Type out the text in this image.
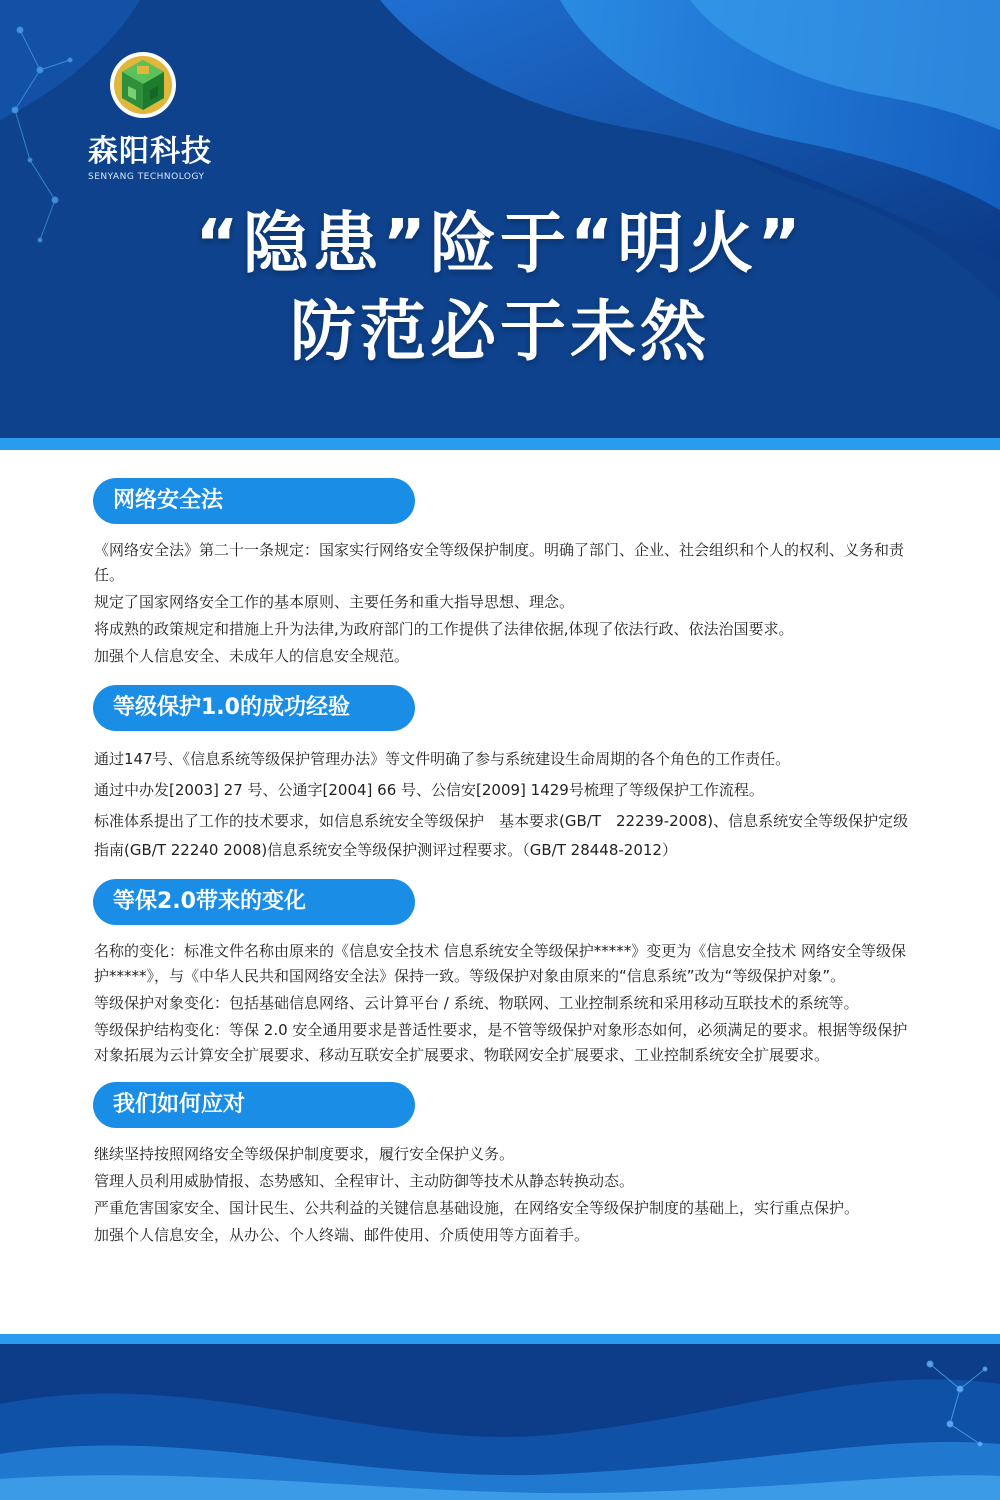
森阳科技
SENYANG TECHNOLOGY
“隐患”险于“明火”
防范必于未然
网络安全法

《网络安全法》第二十一条规定：国家实行网络安全等级保护制度。明确了部门、企业、社会组织和个人的权利、义务和责任。

规定了国家网络安全工作的基本原则、主要任务和重大指导思想、理念。

将成熟的政策规定和措施上升为法律,为政府部门的工作提供了法律依据,体现了依法行政、依法治国要求。

加强个人信息安全、未成年人的信息安全规范。

等级保护1.0的成功经验

通过147号、《信息系统等级保护管理办法》等文件明确了参与系统建设生命周期的各个角色的工作责任。

通过中办发[2003] 27 号、公通字[2004] 66 号、公信安[2009] 1429号梳理了等级保护工作流程。

标准体系提出了工作的技术要求，如信息系统安全等级保护　基本要求(GB/T　22239-2008)、信息系统安全等级保护定级指南(GB/T 22240 2008)信息系统安全等级保护测评过程要求。（GB/T 28448-2012）

等保2.0带来的变化

名称的变化：标准文件名称由原来的《信息安全技术 信息系统安全等级保护*****》变更为《信息安全技术 网络安全等级保护*****》，与《中华人民共和国网络安全法》保持一致。等级保护对象由原来的“信息系统”改为“等级保护对象”。

等级保护对象变化：包括基础信息网络、云计算平台 / 系统、物联网、工业控制系统和采用移动互联技术的系统等。

等级保护结构变化：等保 2.0 安全通用要求是普适性要求，是不管等级保护对象形态如何，必须满足的要求。根据等级保护对象拓展为云计算安全扩展要求、移动互联安全扩展要求、物联网安全扩展要求、工业控制系统安全扩展要求。

我们如何应对

继续坚持按照网络安全等级保护制度要求，履行安全保护义务。

管理人员利用威胁情报、态势感知、全程审计、主动防御等技术从静态转换动态。

严重危害国家安全、国计民生、公共利益的关键信息基础设施，在网络安全等级保护制度的基础上，实行重点保护。

加强个人信息安全，从办公、个人终端、邮件使用、介质使用等方面着手。
